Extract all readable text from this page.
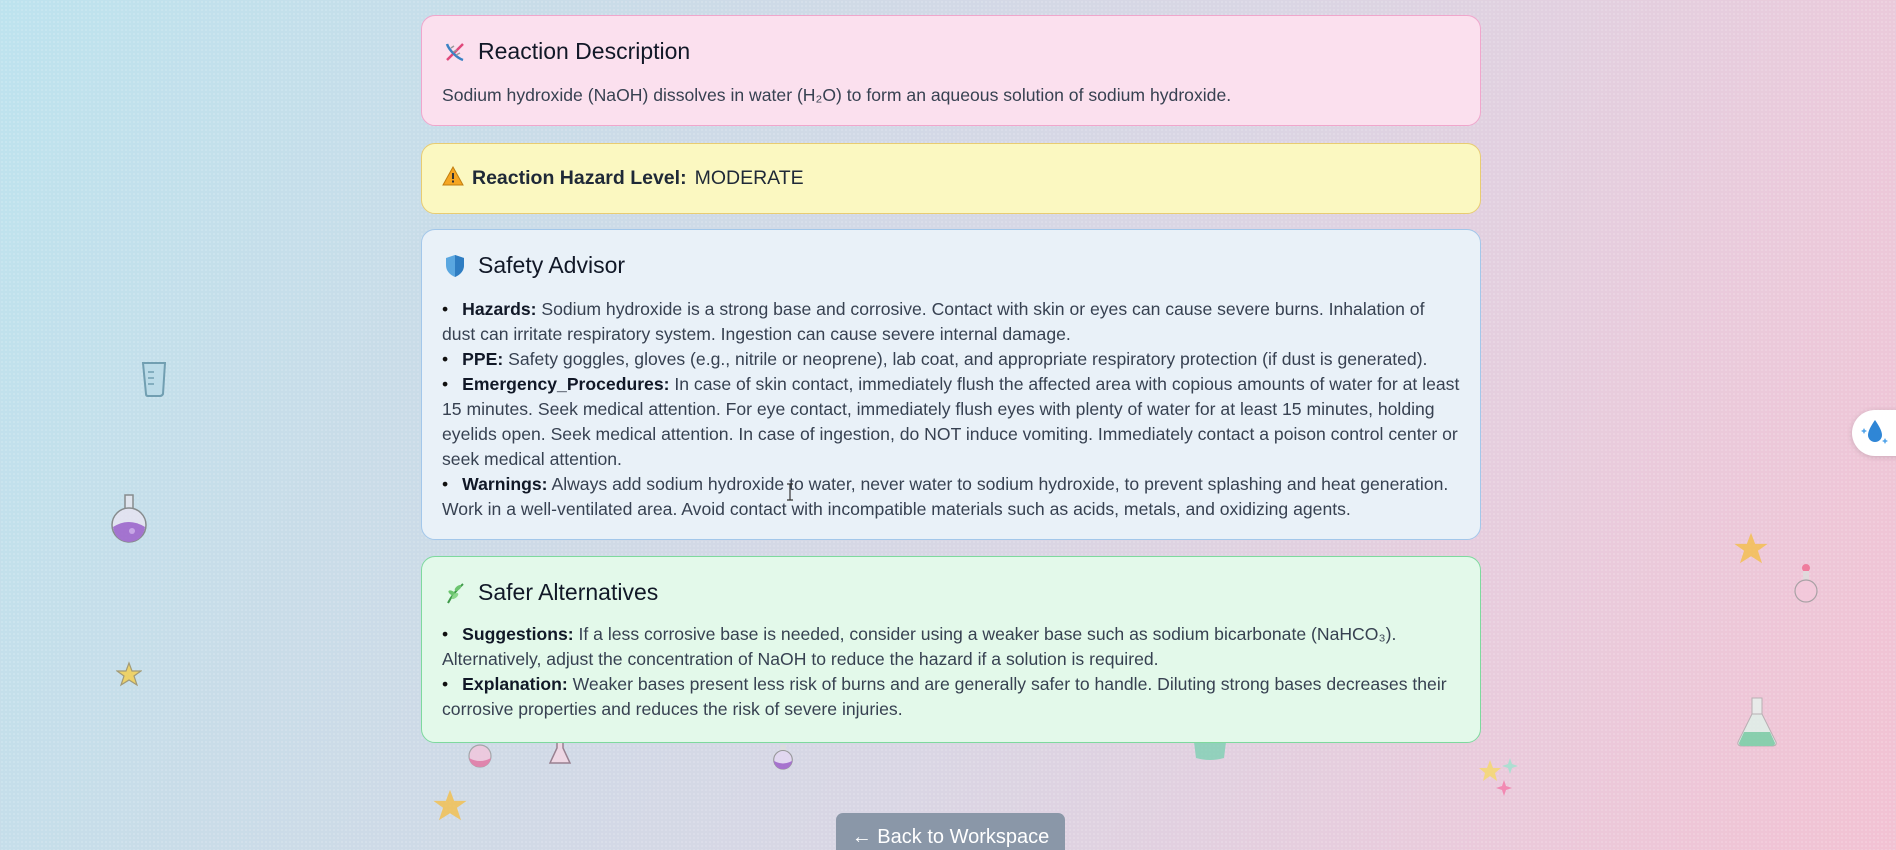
Reaction Description

Sodium hydroxide (NaOH) dissolves in water (H₂O) to form an aqueous solution of sodium hydroxide.

Reaction Hazard Level: MODERATE
Safety Advisor
• Hazards: Sodium hydroxide is a strong base and corrosive. Contact with skin or eyes can cause severe burns. Inhalation of dust can irritate respiratory system. Ingestion can cause severe internal damage.
• PPE: Safety goggles, gloves (e.g., nitrile or neoprene), lab coat, and appropriate respiratory protection (if dust is generated).
• Emergency_Procedures: In case of skin contact, immediately flush the affected area with copious amounts of water for at least 15 minutes. Seek medical attention. For eye contact, immediately flush eyes with plenty of water for at least 15 minutes, holding eyelids open. Seek medical attention. In case of ingestion, do NOT induce vomiting. Immediately contact a poison control center or seek medical attention.
• Warnings: Always add sodium hydroxide to water, never water to sodium hydroxide, to prevent splashing and heat generation. Work in a well-ventilated area. Avoid contact with incompatible materials such as acids, metals, and oxidizing agents.
Safer Alternatives
• Suggestions: If a less corrosive base is needed, consider using a weaker base such as sodium bicarbonate (NaHCO₃). Alternatively, adjust the concentration of NaOH to reduce the hazard if a solution is required.
• Explanation: Weaker bases present less risk of burns and are generally safer to handle. Diluting strong bases decreases their corrosive properties and reduces the risk of severe injuries.
← Back to Workspace
